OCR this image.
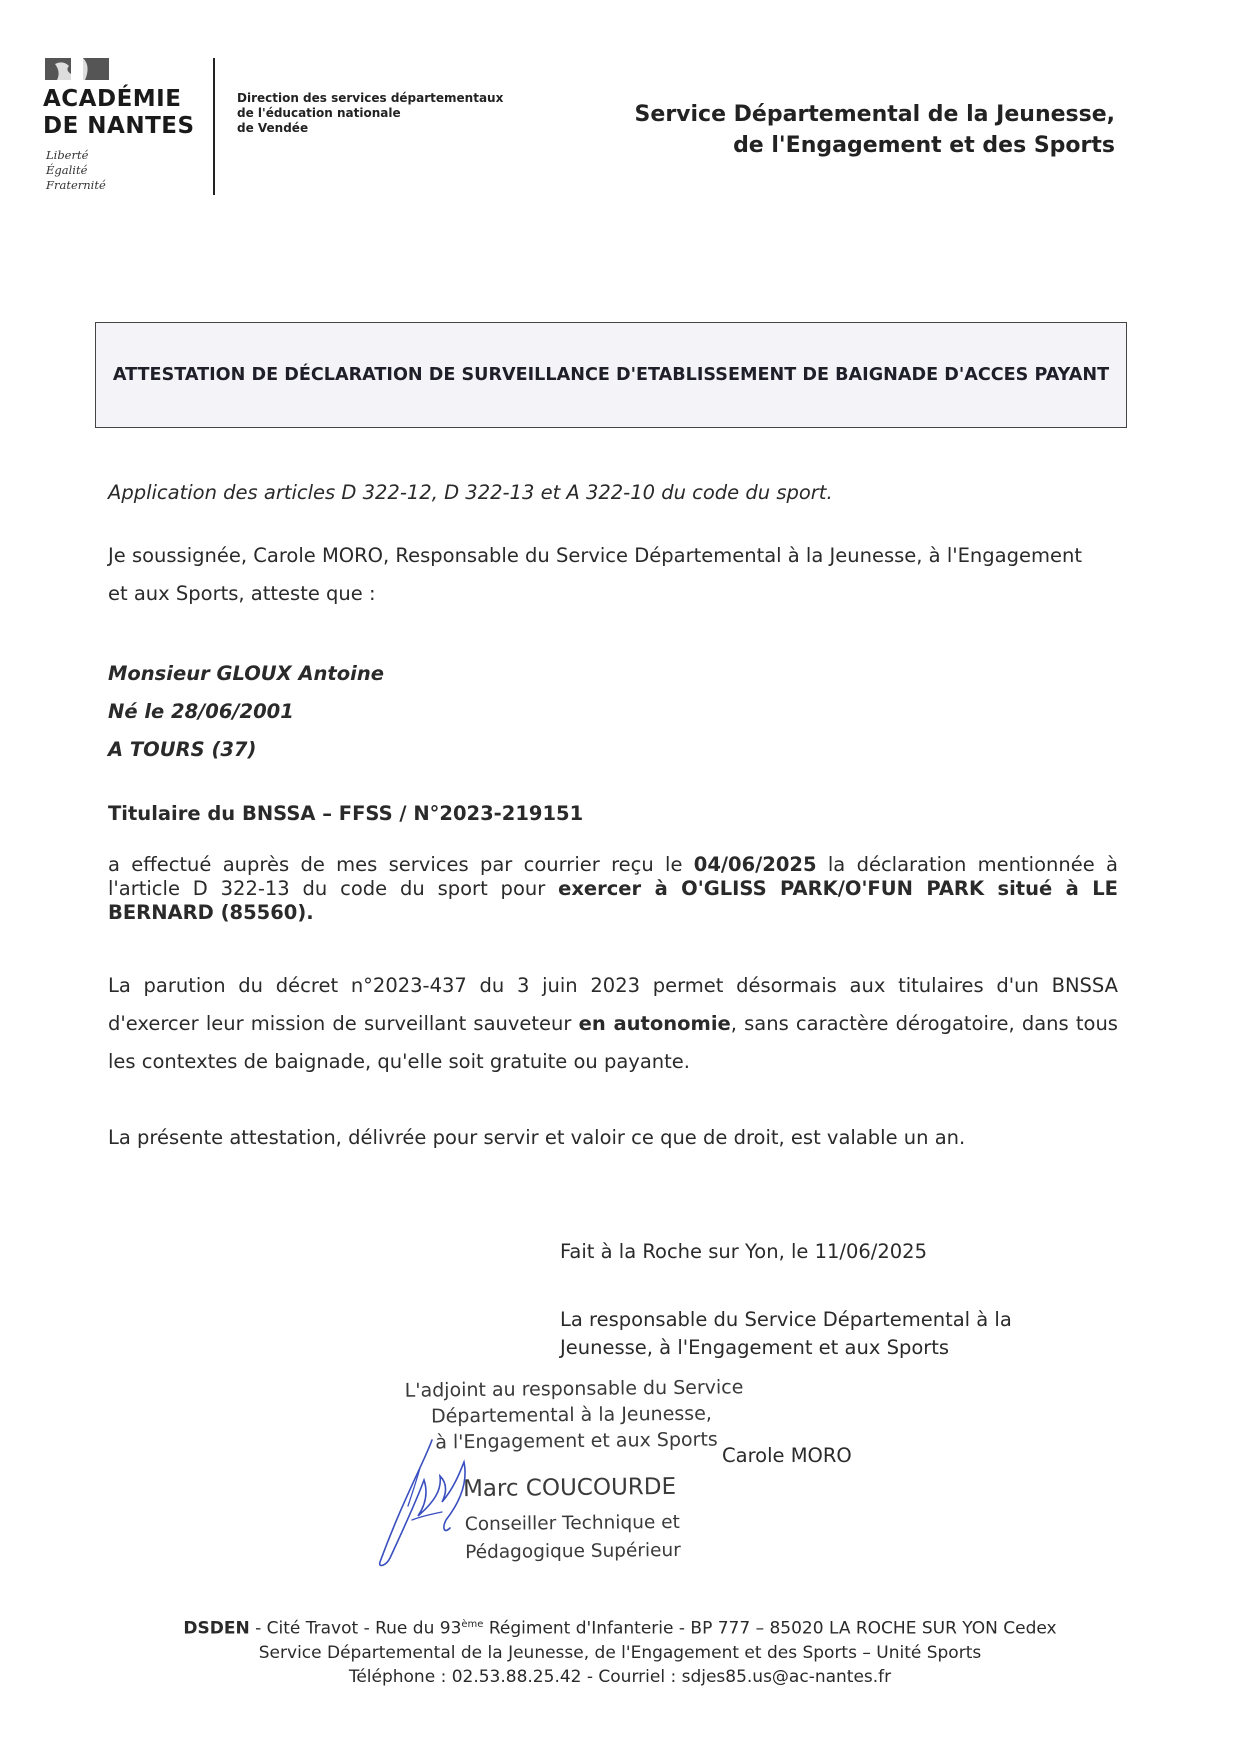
ACADÉMIE
DE NANTES
Liberté
Égalité
Fraternité
Direction des services départementaux
de l'éducation nationale
de Vendée
Service Départemental de la Jeunesse,
de l'Engagement et des Sports
ATTESTATION DE DÉCLARATION DE SURVEILLANCE D'ETABLISSEMENT DE BAIGNADE D'ACCES PAYANT
Application des articles D 322-12, D 322-13 et A 322-10 du code du sport.
Je soussignée, Carole MORO, Responsable du Service Départemental à la Jeunesse, à l'Engagement
et aux Sports, atteste que :
Monsieur GLOUX Antoine
Né le 28/06/2001
A TOURS (37)
Titulaire du BNSSA – FFSS / N°2023-219151
a effectué auprès de mes services par courrier reçu le 04/06/2025 la déclaration mentionnée à l'article D 322-13 du code du sport pour exercer à O'GLISS PARK/O'FUN PARK situé à LE BERNARD (85560).
La parution du décret n°2023-437 du 3 juin 2023 permet désormais aux titulaires d'un BNSSA d'exercer leur mission de surveillant sauveteur en autonomie, sans caractère dérogatoire, dans tous les contextes de baignade, qu'elle soit gratuite ou payante.
La présente attestation, délivrée pour servir et valoir ce que de droit, est valable un an.
Fait à la Roche sur Yon, le 11/06/2025
La responsable du Service Départemental à la
Jeunesse, à l'Engagement et aux Sports
L'adjoint au responsable du Service
Départemental à la Jeunesse,
à l'Engagement et aux Sports
Marc COUCOURDE
Conseiller Technique et
Pédagogique Supérieur
Carole MORO
DSDEN - Cité Travot - Rue du 93ème Régiment d'Infanterie - BP 777 – 85020 LA ROCHE SUR YON Cedex
Service Départemental de la Jeunesse, de l'Engagement et des Sports – Unité Sports
Téléphone : 02.53.88.25.42 - Courriel : sdjes85.us@ac-nantes.fr
